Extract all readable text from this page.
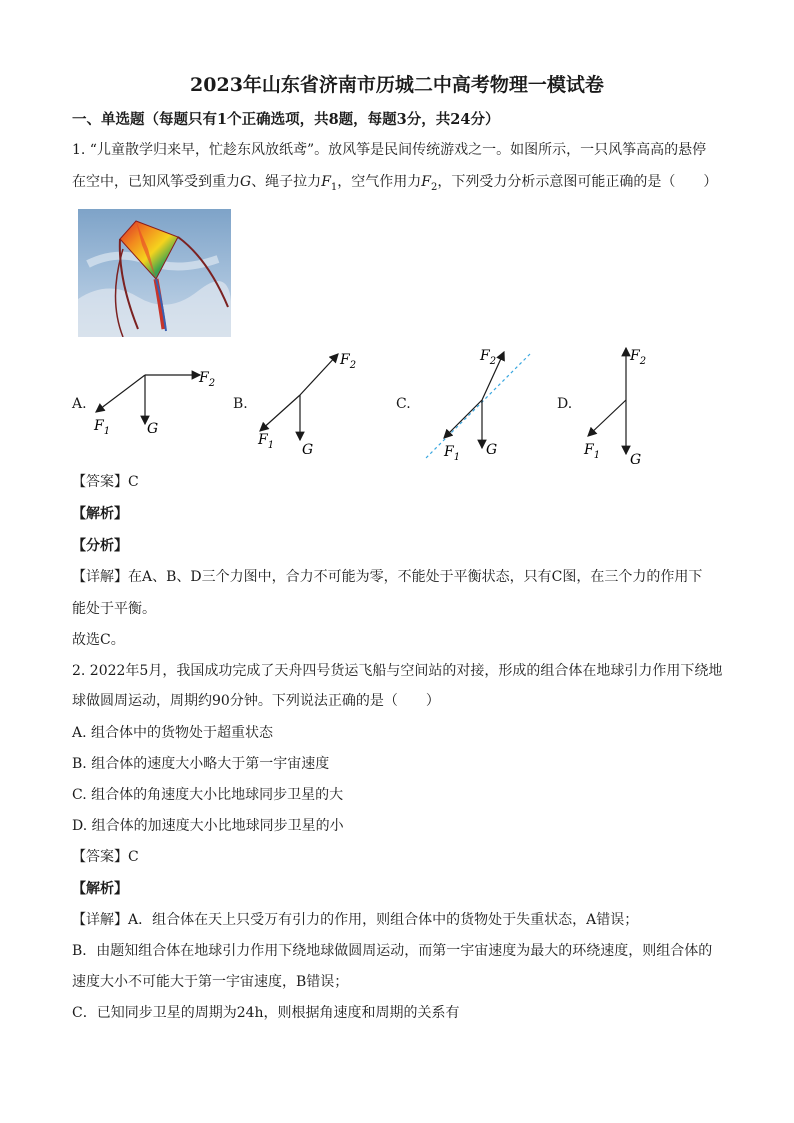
2023年山东省济南市历城二中高考物理一模试卷
一、单选题（每题只有1个正确选项，共8题，每题3分，共24分）
1. “儿童散学归来早，忙趁东风放纸鸢”。放风筝是民间传统游戏之一。如图所示，一只风筝高高的悬停
在空中，已知风筝受到重力G、绳子拉力$F_1$，空气作用力$F_2$，下列受力分析示意图可能正确的是（　　）
A.
$F_2$
G
$F_1$
B.
$F_2$
G
$F_1$
C.
$F_2$
G
$F_1$
D.
$F_2$
G
$F_1$
【答案】C
【解析】
【分析】
【详解】在A、B、D三个力图中，合力不可能为零，不能处于平衡状态，只有C图，在三个力的作用下
能处于平衡。
故选C。
2. 2022年5月，我国成功完成了天舟四号货运飞船与空间站的对接，形成的组合体在地球引力作用下绕地
球做圆周运动，周期约90分钟。下列说法正确的是（　　）
A. 组合体中的货物处于超重状态
B. 组合体的速度大小略大于第一宇宙速度
C. 组合体的角速度大小比地球同步卫星的大
D. 组合体的加速度大小比地球同步卫星的小
【答案】C
【解析】
【详解】A．组合体在天上只受万有引力的作用，则组合体中的货物处于失重状态，A错误；
B．由题知组合体在地球引力作用下绕地球做圆周运动，而第一宇宙速度为最大的环绕速度，则组合体的
速度大小不可能大于第一宇宙速度，B错误；
C．已知同步卫星的周期为24h，则根据角速度和周期的关系有
